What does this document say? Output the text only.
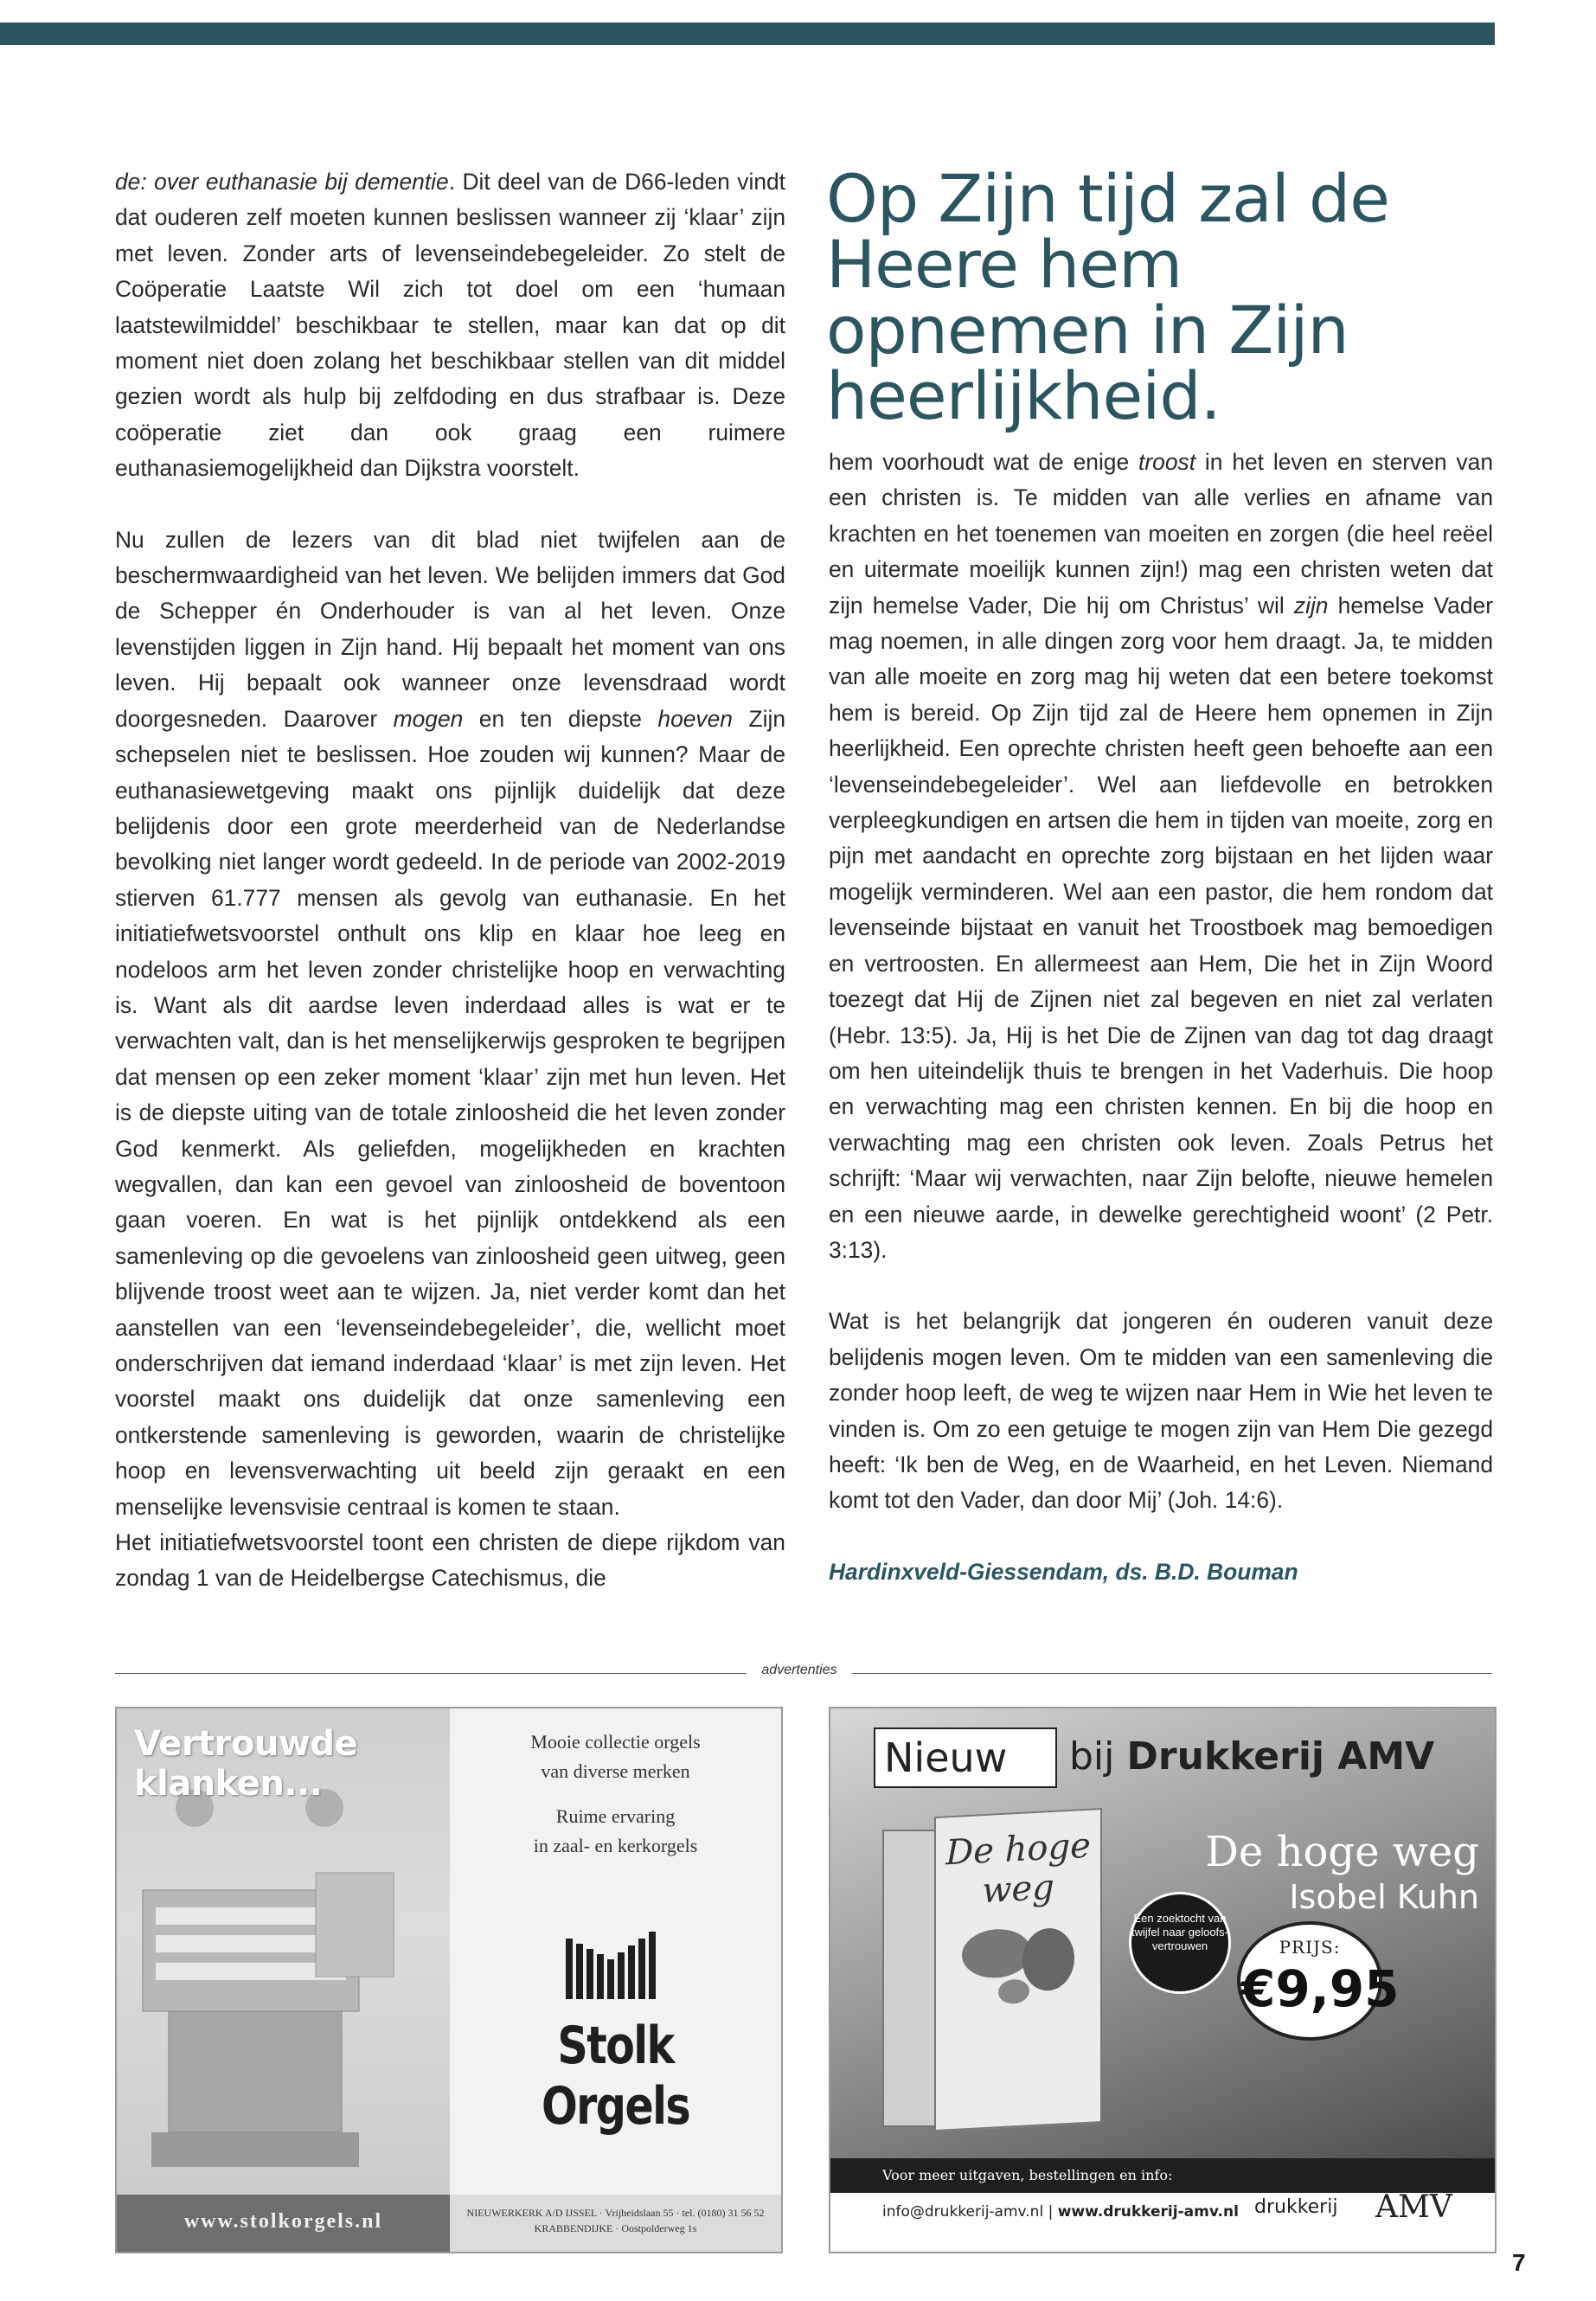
de: over euthanasie bij dementie. Dit deel van de D66-leden vindt dat ouderen zelf moeten kunnen beslissen wanneer zij ‘klaar’ zijn met leven. Zonder arts of levenseindebegeleider. Zo stelt de Coöperatie Laatste Wil zich tot doel om een ‘humaan laatstewilmiddel’ beschikbaar te stellen, maar kan dat op dit moment niet doen zolang het beschikbaar stellen van dit middel gezien wordt als hulp bij zelfdoding en dus strafbaar is. Deze coöperatie ziet dan ook graag een ruimere euthanasiemogelijkheid dan Dijkstra voorstelt.

Nu zullen de lezers van dit blad niet twijfelen aan de beschermwaardigheid van het leven. We belijden immers dat God de Schepper én Onderhouder is van al het leven. Onze levenstijden liggen in Zijn hand. Hij bepaalt het moment van ons leven. Hij bepaalt ook wanneer onze levensdraad wordt doorgesneden. Daarover mogen en ten diepste hoeven Zijn schepselen niet te beslissen. Hoe zouden wij kunnen? Maar de euthanasiewetgeving maakt ons pijnlijk duidelijk dat deze belijdenis door een grote meerderheid van de Nederlandse bevolking niet langer wordt gedeeld. In de periode van 2002-2019 stierven 61.777 mensen als gevolg van euthanasie. En het initiatiefwetsvoorstel onthult ons klip en klaar hoe leeg en nodeloos arm het leven zonder christelijke hoop en verwachting is. Want als dit aardse leven inderdaad alles is wat er te verwachten valt, dan is het menselijkerwijs gesproken te begrijpen dat mensen op een zeker moment ‘klaar’ zijn met hun leven. Het is de diepste uiting van de totale zinloosheid die het leven zonder God kenmerkt. Als geliefden, mogelijkheden en krachten wegvallen, dan kan een gevoel van zinloosheid de boventoon gaan voeren. En wat is het pijnlijk ontdekkend als een samenleving op die gevoelens van zinloosheid geen uitweg, geen blijvende troost weet aan te wijzen. Ja, niet verder komt dan het aanstellen van een ‘levenseindebegeleider’, die, wellicht moet onderschrijven dat iemand inderdaad ‘klaar’ is met zijn leven. Het voorstel maakt ons duidelijk dat onze samenleving een ontkerstende samenleving is geworden, waarin de christelijke hoop en levensverwachting uit beeld zijn geraakt en een menselijke levensvisie centraal is komen te staan.

Het initiatiefwetsvoorstel toont een christen de diepe rijkdom van zondag 1 van de Heidelbergse Catechismus, die

Op Zijn tijd zal de Heere hem opnemen in Zijn heerlijkheid.

hem voorhoudt wat de enige troost in het leven en sterven van een christen is. Te midden van alle verlies en afname van krachten en het toenemen van moeiten en zorgen (die heel reëel en uitermate moeilijk kunnen zijn!) mag een christen weten dat zijn hemelse Vader, Die hij om Christus’ wil zijn hemelse Vader mag noemen, in alle dingen zorg voor hem draagt. Ja, te midden van alle moeite en zorg mag hij weten dat een betere toekomst hem is bereid. Op Zijn tijd zal de Heere hem opnemen in Zijn heerlijkheid. Een oprechte christen heeft geen behoefte aan een ‘levenseindebegeleider’. Wel aan liefdevolle en betrokken verpleegkundigen en artsen die hem in tijden van moeite, zorg en pijn met aandacht en oprechte zorg bijstaan en het lijden waar mogelijk verminderen. Wel aan een pastor, die hem rondom dat levenseinde bijstaat en vanuit het Troostboek mag bemoedigen en vertroosten. En allermeest aan Hem, Die het in Zijn Woord toezegt dat Hij de Zijnen niet zal begeven en niet zal verlaten (Hebr. 13:5). Ja, Hij is het Die de Zijnen van dag tot dag draagt om hen uiteindelijk thuis te brengen in het Vaderhuis. Die hoop en verwachting mag een christen kennen. En bij die hoop en verwachting mag een christen ook leven. Zoals Petrus het schrijft: ‘Maar wij verwachten, naar Zijn belofte, nieuwe hemelen en een nieuwe aarde, in dewelke gerechtigheid woont’ (2 Petr. 3:13).

Wat is het belangrijk dat jongeren én ouderen vanuit deze belijdenis mogen leven. Om te midden van een samenleving die zonder hoop leeft, de weg te wijzen naar Hem in Wie het leven te vinden is. Om zo een getuige te mogen zijn van Hem Die gezegd heeft: ‘Ik ben de Weg, en de Waarheid, en het Leven. Niemand komt tot den Vader, dan door Mij’ (Joh. 14:6).

Hardinxveld-Giessendam, ds. B.D. Bouman

advertenties
Vertrouwde klanken...
Mooie collectie orgels
van diverse merken
Ruime ervaring
in zaal- en kerkorgels
Stolk Orgels
www.stolkorgels.nl	NIEUWERKERK A/D IJSSEL · Vrijheidslaan 55 · tel. (0180) 31 56 52
KRABBENDIJKE · Oostpolderweg 1s
Nieuw bij Drukkerij AMV
De hoge weg
De hoge weg
Isobel Kuhn
Een zoektocht van twijfel naar geloofs-vertrouwen	PRIJS:
€9,95
Voor meer uitgaven, bestellingen en info:
info@drukkerij-amv.nl | www.drukkerij-amv.nl drukkerij AMV
7
